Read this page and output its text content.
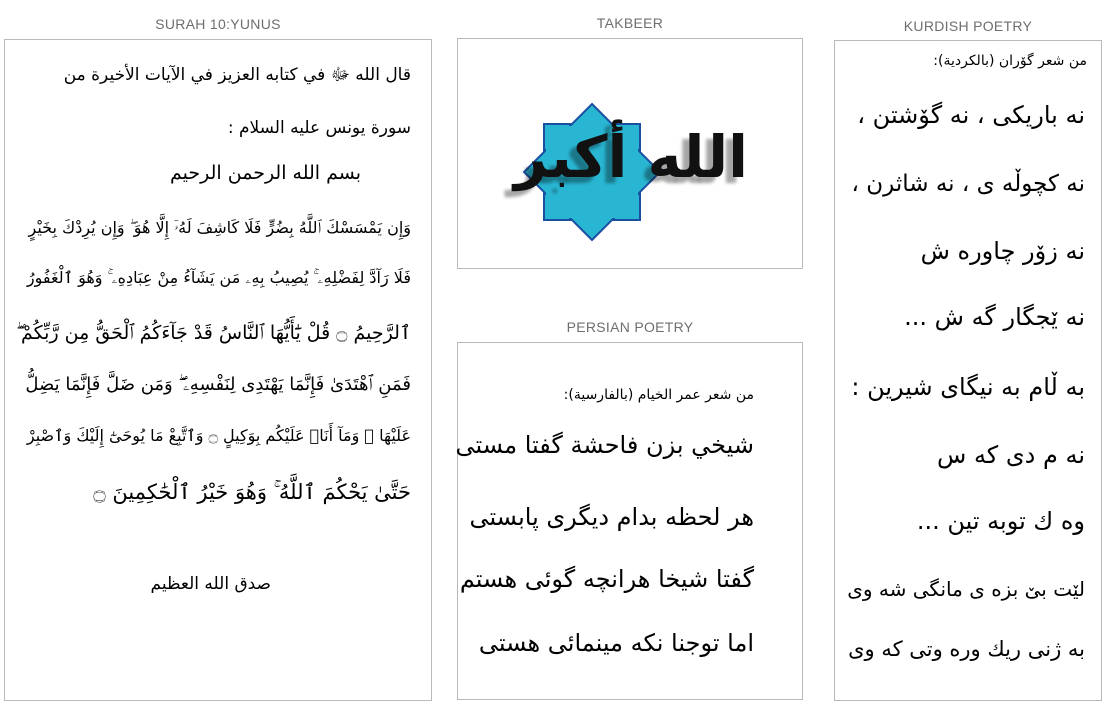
SURAH 10:YUNUS	TAKBEER	KURDISH POETRY
PERSIAN POETRY
قال الله ﷻ في كتابه العزيز في الآيات الأخيرة من
سورة يونس عليه السلام :
بسم الله الرحمن الرحيم
وَإِن يَمْسَسْكَ ٱللَّهُ بِضُرٍّ فَلَا كَاشِفَ لَهُۥٓ إِلَّا هُوَ ۖ وَإِن يُرِدْكَ بِخَيْرٍ
فَلَا رَآدَّ لِفَضْلِهِۦ ۚ يُصِيبُ بِهِۦ مَن يَشَآءُ مِنْ عِبَادِهِۦ ۚ وَهُوَ ٱلْغَفُورُ
ٱلرَّحِيمُ ۝ قُلْ يَٰٓأَيُّهَا ٱلنَّاسُ قَدْ جَآءَكُمُ ٱلْحَقُّ مِن رَّبِّكُمْ ۖ
فَمَنِ ٱهْتَدَىٰ فَإِنَّمَا يَهْتَدِى لِنَفْسِهِۦ ۖ وَمَن ضَلَّ فَإِنَّمَا يَضِلُّ
عَلَيْهَا ۖ وَمَآ أَنَا۠ عَلَيْكُم بِوَكِيلٍ ۝ وَٱتَّبِعْ مَا يُوحَىٰٓ إِلَيْكَ وَٱصْبِرْ
حَتَّىٰ يَحْكُمَ ٱللَّهُ ۚ وَهُوَ خَيْرُ ٱلْحَٰكِمِينَ ۝
صدق الله العظيم
الله أكبر
من شعر عمر الخيام (بالفارسية):
شيخي بزن فاحشة گفتا مستى
هر لحظه بدام ديگرى پابستى
گفتا شيخا هرانچه گوئى هستم
اما توجنا نكه مينمائى هستى
من شعر گۆران (بالكردية):
نه باريكى ، نه گۆشتن ،
نه كچوڵه ى ، نه شاثرن ،
نه زۆر چاوره ش
نه ێجگار گه ش ...
به ڵام به نيگاى شيرين :
نه م دى كه س
وه ك توبه تين ...
لێت بێ بزه ى مانگى شه وى
به ژنى ريك وره وتى كه وى
